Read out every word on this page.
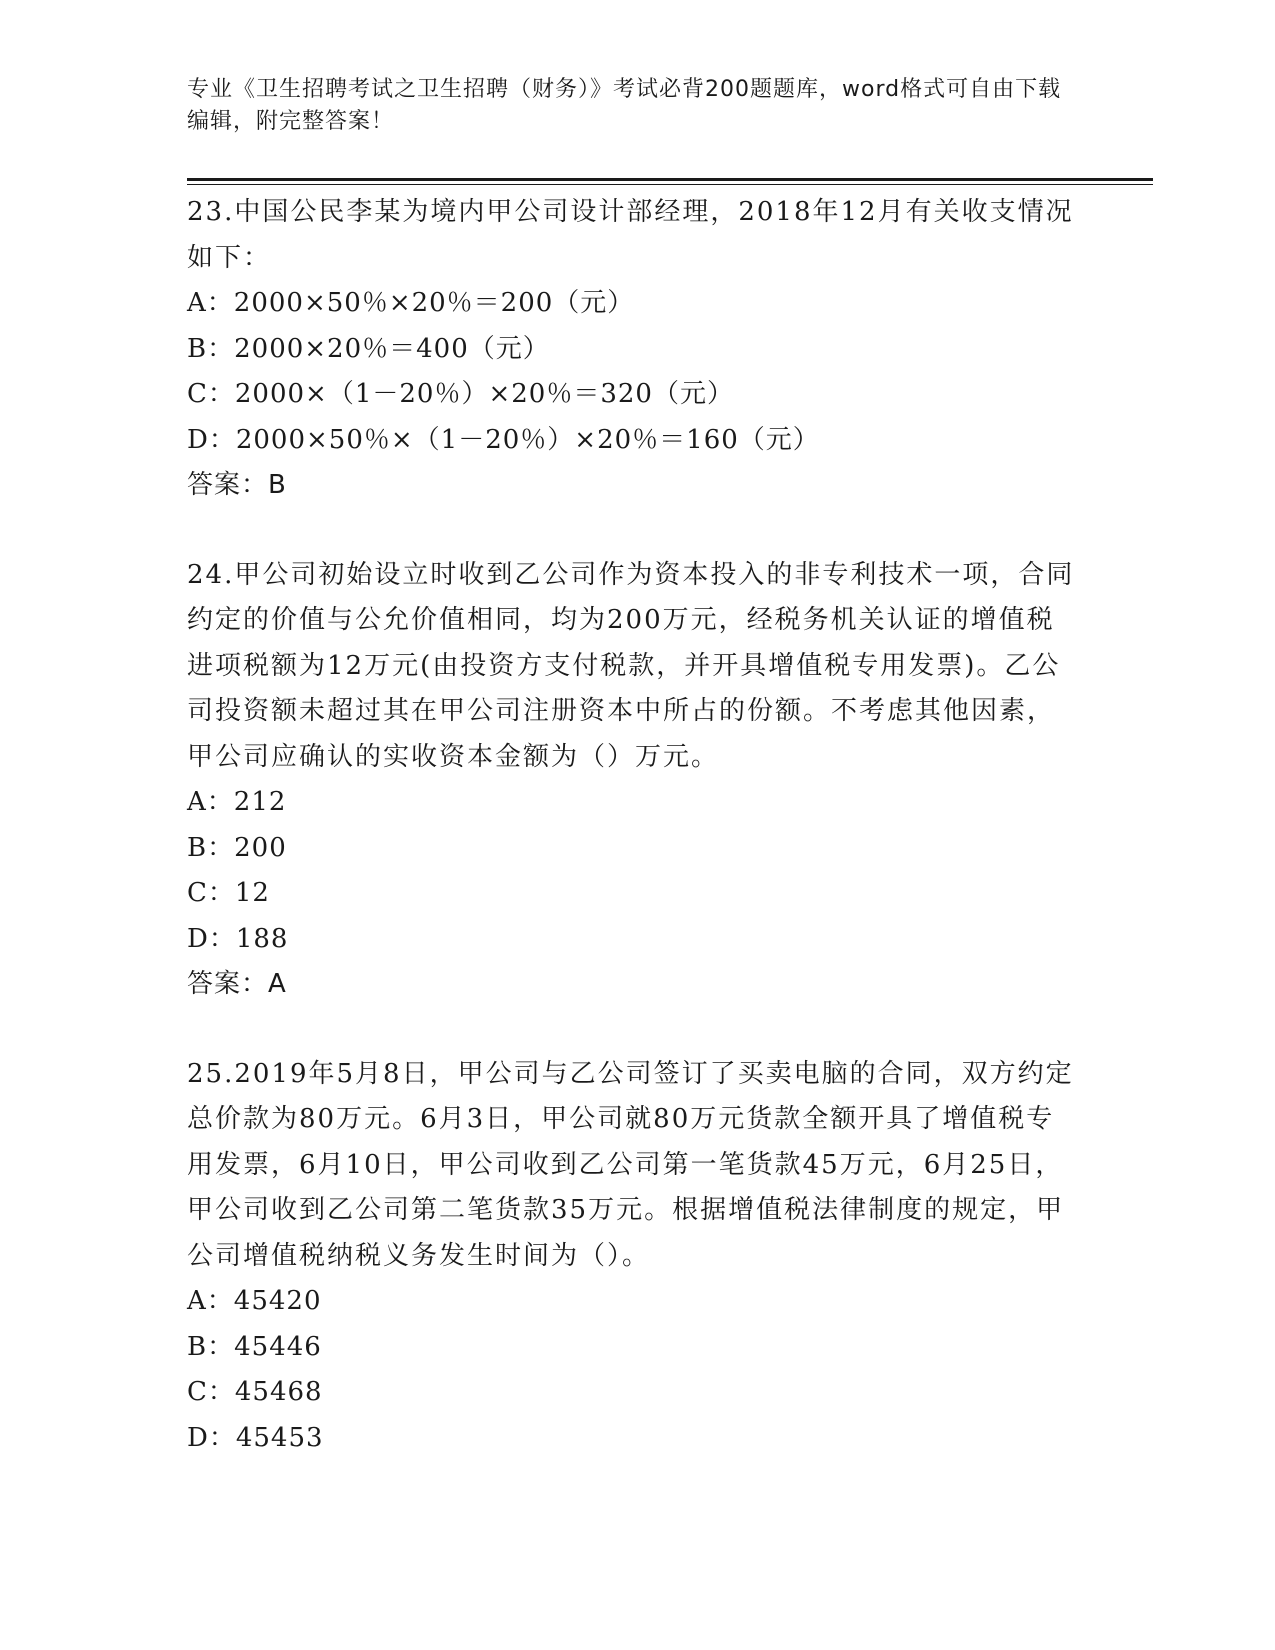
专业《卫生招聘考试之卫生招聘（财务）》考试必背200题题库，word格式可自由下载编辑，附完整答案！

23.中国公民李某为境内甲公司设计部经理，2018年12月有关收支情况如下：

A：2000×50％×20％＝200（元）

B：2000×20％＝400（元）

C：2000×（1－20％）×20％＝320（元）

D：2000×50％×（1－20％）×20％＝160（元）

答案：B

24.甲公司初始设立时收到乙公司作为资本投入的非专利技术一项，合同约定的价值与公允价值相同，均为200万元，经税务机关认证的增值税进项税额为12万元(由投资方支付税款，并开具增值税专用发票)。乙公司投资额未超过其在甲公司注册资本中所占的份额。不考虑其他因素，甲公司应确认的实收资本金额为（）万元。

A：212

B：200

C：12

D：188

答案：A

25.2019年5月8日，甲公司与乙公司签订了买卖电脑的合同，双方约定总价款为80万元。6月3日，甲公司就80万元货款全额开具了增值税专用发票，6月10日，甲公司收到乙公司第一笔货款45万元，6月25日，甲公司收到乙公司第二笔货款35万元。根据增值税法律制度的规定，甲公司增值税纳税义务发生时间为（）。

A：45420

B：45446

C：45468

D：45453
